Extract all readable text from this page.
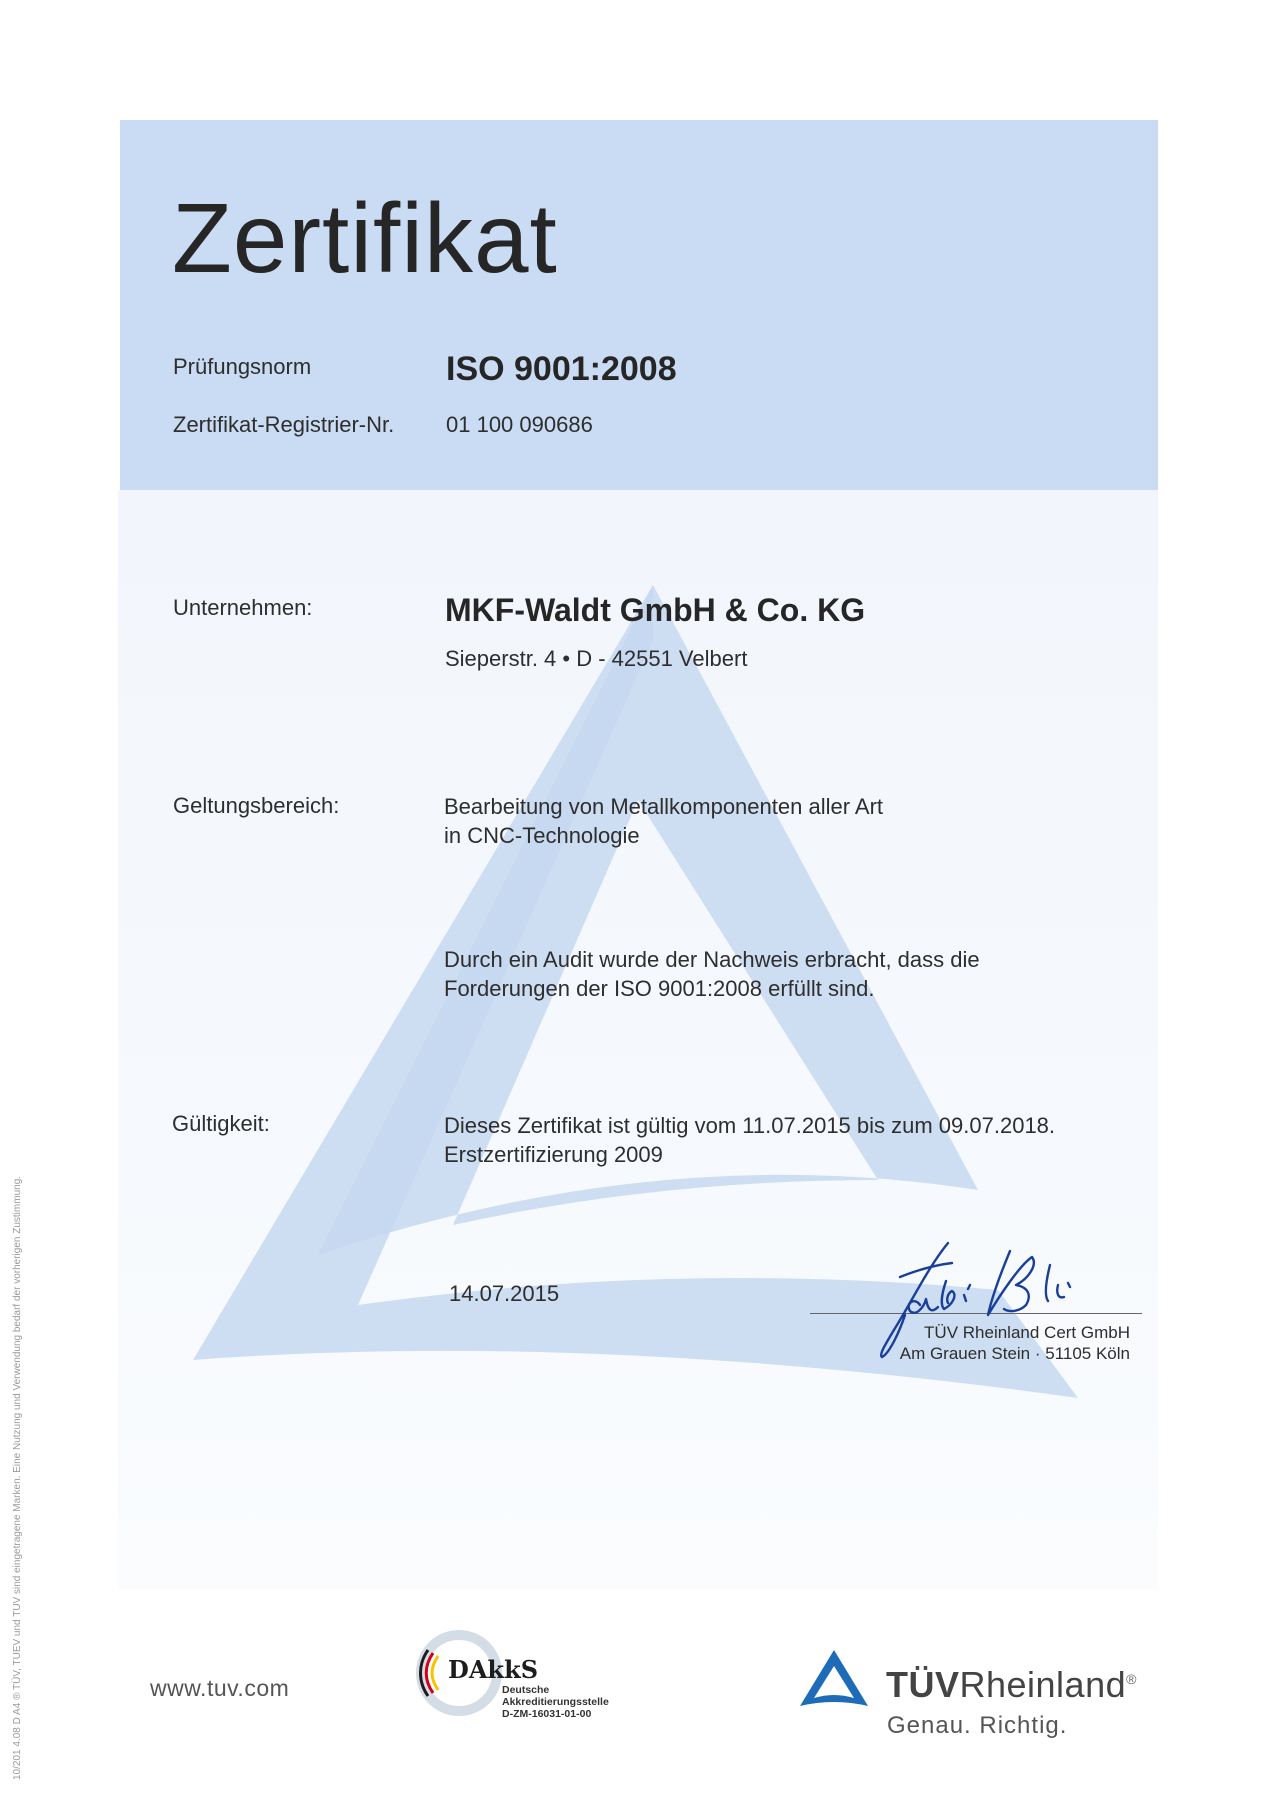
Zertifikat
Prüfungsnorm	ISO 9001:2008
Zertifikat-Registrier-Nr. 01 100 090686
Unternehmen:	MKF-Waldt GmbH & Co. KG
Sieperstr. 4 • D - 42551 Velbert
Geltungsbereich:	Bearbeitung von Metallkomponenten aller Art
in CNC-Technologie
Durch ein Audit wurde der Nachweis erbracht, dass die
Forderungen der ISO 9001:2008 erfüllt sind.
Gültigkeit:	Dieses Zertifikat ist gültig vom 11.07.2015 bis zum 09.07.2018.
Erstzertifizierung 2009
14.07.2015
TÜV Rheinland Cert GmbH
Am Grauen Stein · 51105 Köln
10/201 4.08 D A4 ® TÜV, TUEV und TUV sind eingetragene Marken. Eine Nutzung und Verwendung bedarf der vorherigen Zustimmung.	www.tuv.com
DAkkS
Deutsche
Akkreditierungsstelle
D-ZM-16031-01-00
TÜVRheinland®
Genau. Richtig.
